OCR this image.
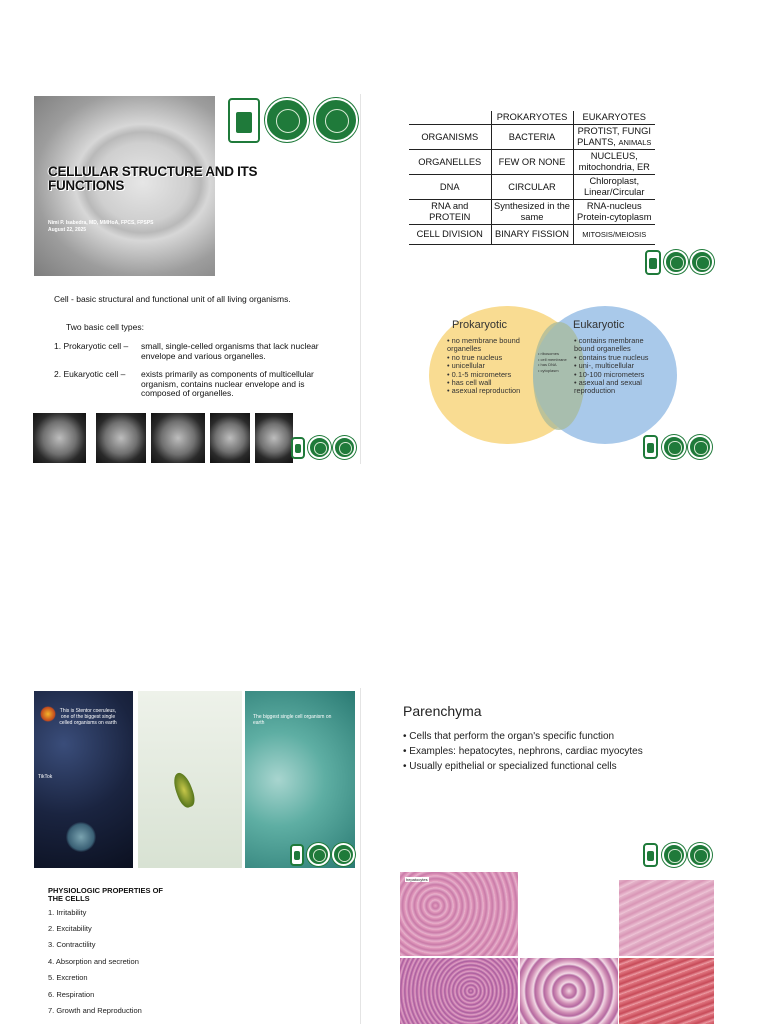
CELLULAR STRUCTURE AND ITS FUNCTIONS
Nimi P. Isabedra, MD, MMHoA, FPCS, FPSPS
August 22, 2025
	PROKARYOTES	EUKARYOTES
ORGANISMS	BACTERIA	PROTIST, FUNGI PLANTS, ANIMALS
ORGANELLES	FEW OR NONE	NUCLEUS, mitochondria, ER
DNA	CIRCULAR	Chloroplast, Linear/Circular
RNA and PROTEIN	Synthesized in the same	RNA-nucleus Protein-cytoplasm
CELL DIVISION	BINARY FISSION	MITOSIS/MEIOSIS
Cell - basic structural and functional unit of all living organisms.
Two basic cell types:
1. Prokaryotic cell – small, single-celled organisms that lack nuclear envelope and various organelles.
2. Eukaryotic cell – exists primarily as components of multicellular organism, contains nuclear envelope and is composed of organelles.
Prokaryotic	Eukaryotic
• no membrane bound organelles
• no true nucleus
• unicellular
• 0.1-5 micrometers
• has cell wall
• asexual reproduction
• ribosomes
• cell membrane
• has DNA
• cytoplasm
• contains membrane bound organelles
• contains true nucleus
• uni-, multicellular
• 10-100 micrometers
• asexual and sexual reproduction
This is Stentor coeruleus, one of the biggest single celled organisms on earth
TikTok
The biggest single cell organism on earth
PHYSIOLOGIC PROPERTIES OF THE CELLS
1. Irritability
2. Excitability
3. Contractility
4. Absorption and secretion
5. Excretion
6. Respiration
7. Growth and Reproduction
Parenchyma
• Cells that perform the organ's specific function
• Examples: hepatocytes, nephrons, cardiac myocytes
• Usually epithelial or specialized functional cells
hepatocytes
